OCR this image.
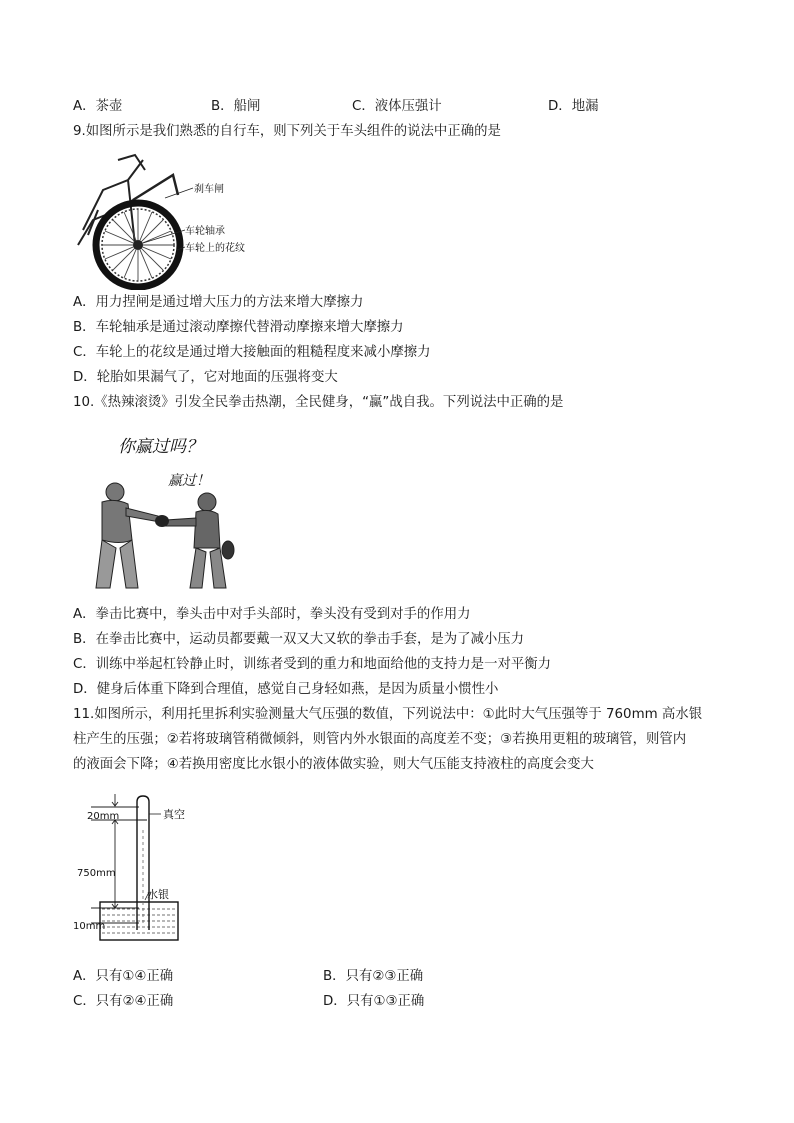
A．茶壶	B．船闸	C．液体压强计	D．地漏
9.如图所示是我们熟悉的自行车，则下列关于车头组件的说法中正确的是
刹车闸
车轮轴承
车轮上的花纹
A．用力捏闸是通过增大压力的方法来增大摩擦力
B．车轮轴承是通过滚动摩擦代替滑动摩擦来增大摩擦力
C．车轮上的花纹是通过增大接触面的粗糙程度来减小摩擦力
D．轮胎如果漏气了，它对地面的压强将变大
10.《热辣滚烫》引发全民拳击热潮，全民健身，“赢”战自我。下列说法中正确的是
你赢过吗？
赢过！
A．拳击比赛中，拳头击中对手头部时，拳头没有受到对手的作用力
B．在拳击比赛中，运动员都要戴一双又大又软的拳击手套，是为了减小压力
C．训练中举起杠铃静止时，训练者受到的重力和地面给他的支持力是一对平衡力
D．健身后体重下降到合理值，感觉自己身轻如燕，是因为质量小惯性小
11.如图所示，利用托里拆利实验测量大气压强的数值，下列说法中：①此时大气压强等于 760mm 高水银
柱产生的压强；②若将玻璃管稍微倾斜，则管内外水银面的高度差不变；③若换用更粗的玻璃管，则管内
的液面会下降；④若换用密度比水银小的液体做实验，则大气压能支持液柱的高度会变大
20mm
750mm
10mm
真空
水银
A．只有①④正确	B．只有②③正确
C．只有②④正确	D．只有①③正确
